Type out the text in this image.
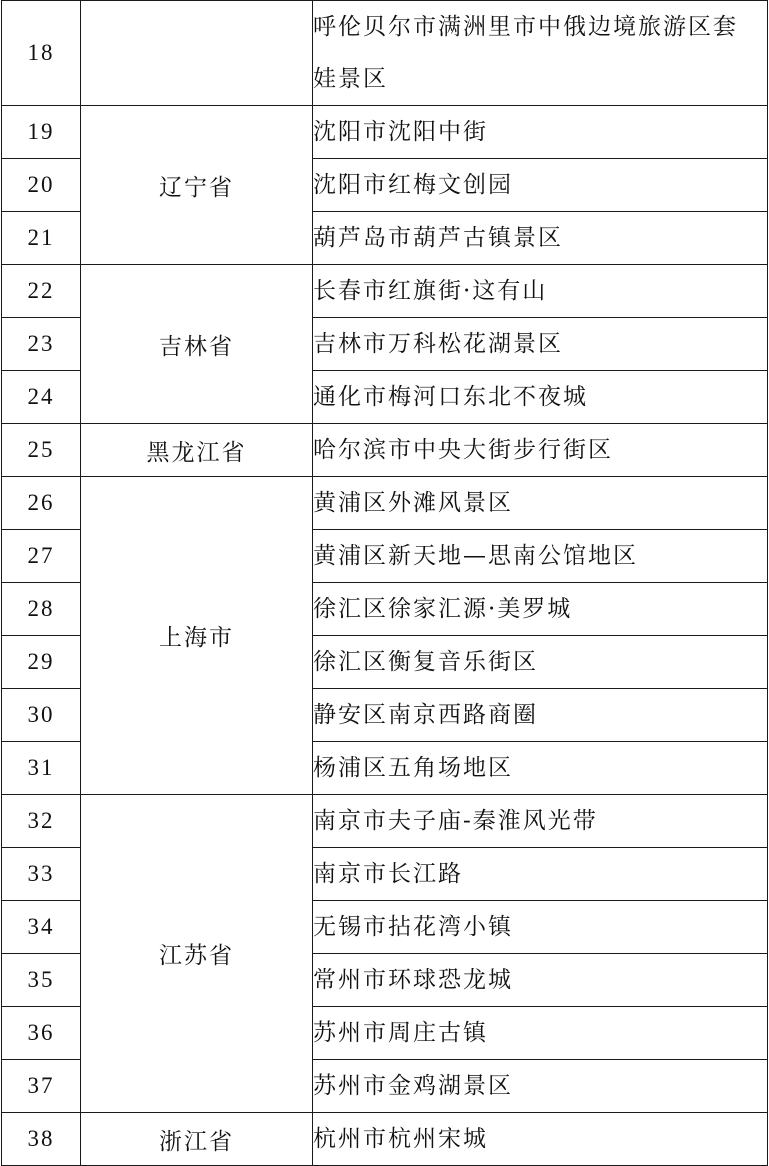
18		呼伦贝尔市满洲里市中俄边境旅游区套娃景区
19	辽宁省	沈阳市沈阳中街
20		沈阳市红梅文创园
21		葫芦岛市葫芦古镇景区
22	吉林省	长春市红旗街·这有山
23		吉林市万科松花湖景区
24		通化市梅河口东北不夜城
25	黑龙江省	哈尔滨市中央大街步行街区
26	上海市	黄浦区外滩风景区
27		黄浦区新天地—思南公馆地区
28		徐汇区徐家汇源·美罗城
29		徐汇区衡复音乐街区
30		静安区南京西路商圈
31		杨浦区五角场地区
32	江苏省	南京市夫子庙-秦淮风光带
33		南京市长江路
34		无锡市拈花湾小镇
35		常州市环球恐龙城
36		苏州市周庄古镇
37		苏州市金鸡湖景区
38	浙江省	杭州市杭州宋城
